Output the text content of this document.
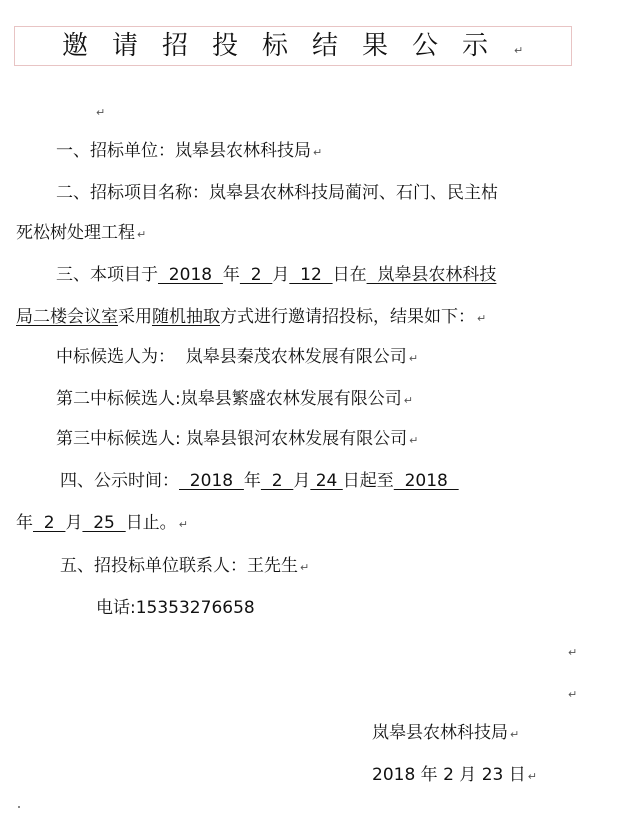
邀请招投标结果公示 ↵
↵
一、招标单位：岚皋县农林科技局 ↵
二、招标项目名称：岚皋县农林科技局蔺河、石门、民主枯
死松树处理工程 ↵
三、本项目于  2018  年  2  月  12  日在  岚皋县农林科技
局二楼会议室采用随机抽取方式进行邀请招投标，结果如下： ↵
中标候选人为：  岚皋县秦茂农林发展有限公司 ↵
第二中标候选人:岚皋县繁盛农林发展有限公司 ↵
第三中标候选人: 岚皋县银河农林发展有限公司 ↵
四、公示时间：  2018  年  2  月 24 日起至  2018
年  2  月  25  日止。 ↵
五、招投标单位联系人：王先生 ↵
电话:15353276658
↵
↵
岚皋县农林科技局 ↵
2018 年 2 月 23 日 ↵
